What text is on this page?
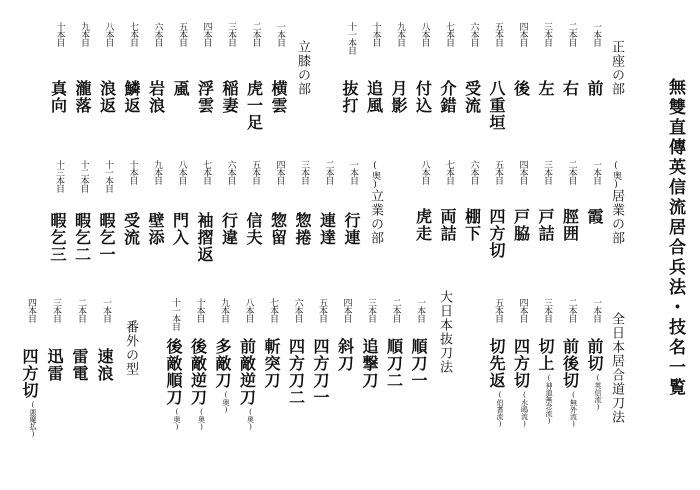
無雙直傳英信流居合兵法・技名一覧
正座の部
一本目
前
二本目
右
三本目
左
四本目
後
五本目
八重垣
六本目
受流
七本目
介錯
八本目
付込
九本目
月影
十本目
追風
十一本目
抜打
立膝の部
一本目
横雲
二本目
虎一足
三本目
稲妻
四本目
浮雲
五本目
颪
六本目
岩浪
七本目
鱗返
八本目
浪返
九本目
瀧落
十本目
真向
(奥)
居業の部
一本目
霞
二本目
脛囲
三本目
戸詰
四本目
戸脇
五本目
四方切
六本目
棚下
七本目
両詰
八本目
虎走
(奥)
立業の部
一本目
行連
二本目
連達
三本目
惣捲
四本目
惣留
五本目
信夫
六本目
行違
七本目
袖摺返
八本目
門入
九本目
壁添
十本目
受流
十一本目
暇乞一
十二本目
暇乞二
十三本目
暇乞三
全日本居合道刀法
一本目
前切
(英信流)
二本目
前後切
(無外流)
三本目
切上
(神道無念流)
四本目
四方切
(水鴎流)
五本目
切先返
(伯耆流)
大日本抜刀法
一本目
順刀一
二本目
順刀二
三本目
追撃刀
四本目
斜刀
五本目
四方刀一
六本目
四方刀二
七本目
斬突刀
八本目
前敵逆刀
(奥)
九本目
多敵刀
(奥)
十本目
後敵逆刀
(奥)
十一本目
後敵順刀
(奥)
番外の型
一本目
速浪
二本目
雷電
三本目
迅雷
四本目
四方切
(悪魔払)
